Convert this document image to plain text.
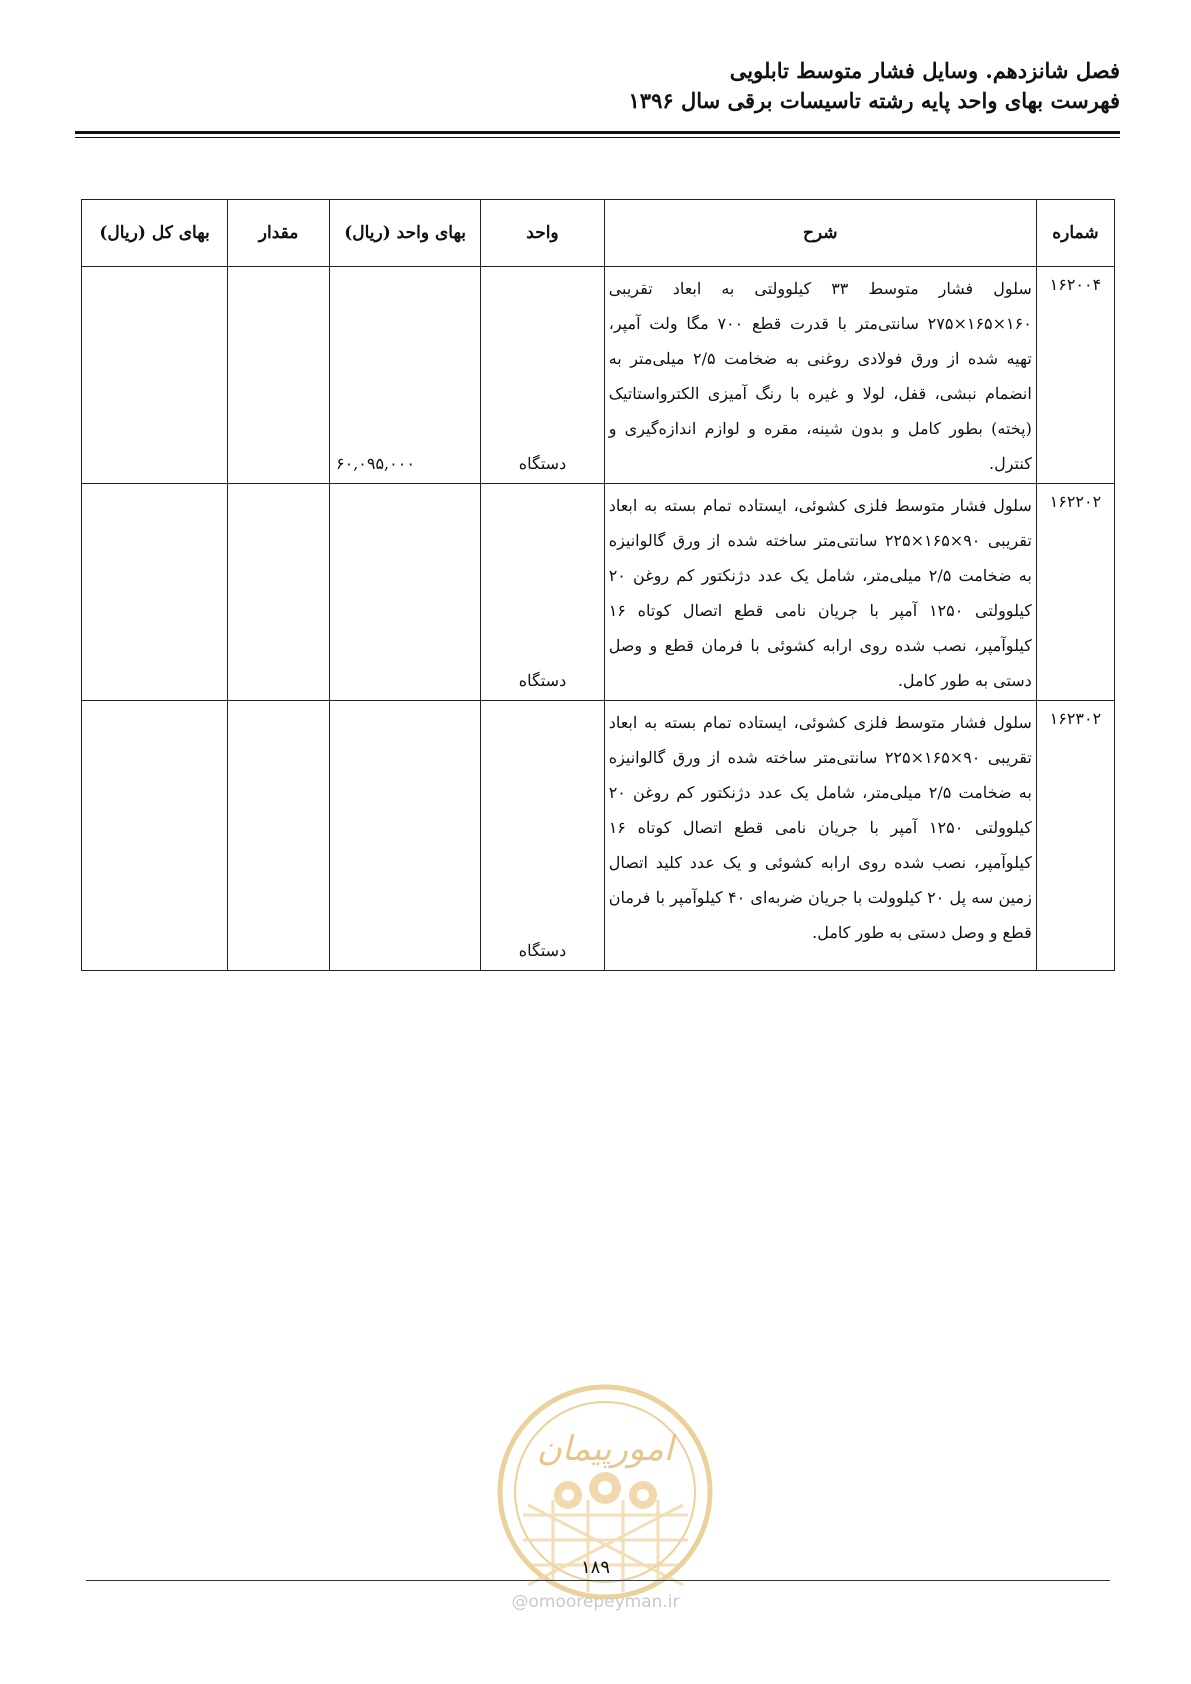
فصل شانزدهم. وسایل فشار متوسط تابلویی
فهرست بهای واحد پایه رشته تاسیسات برقی سال ۱۳۹۶
شماره	شرح	واحد	بهای واحد (ریال)	مقدار	بهای کل (ریال)
۱۶۲۰۰۴	سلول فشار متوسط ۳۳ کیلوولتی به ابعاد تقریبی ۱۶۰×۱۶۵×۲۷۵ سانتی‌متر با قدرت قطع ۷۰۰ مگا ولت آمپر، تهیه شده از ورق فولادی روغنی به ضخامت ۲/۵ میلی‌متر به انضمام نبشی، قفل، لولا و غیره با رنگ آمیزی الکترواستاتیک (پخته) بطور کامل و بدون شینه، مقره و لوازم اندازه‌گیری و کنترل.	دستگاه	۶۰,۰۹۵,۰۰۰		
۱۶۲۲۰۲	سلول فشار متوسط فلزی کشوئی، ایستاده تمام بسته به ابعاد تقریبی ۹۰×۱۶۵×۲۲۵ سانتی‌متر ساخته شده از ورق گالوانیزه به ضخامت ۲/۵ میلی‌متر، شامل یک عدد دژنکتور کم روغن ۲۰ کیلوولتی ۱۲۵۰ آمپر با جریان نامی قطع اتصال کوتاه ۱۶ کیلوآمپر، نصب شده روی ارابه کشوئی با فرمان قطع و وصل دستی به طور کامل.	دستگاه			
۱۶۲۳۰۲	سلول فشار متوسط فلزی کشوئی، ایستاده تمام بسته به ابعاد تقریبی ۹۰×۱۶۵×۲۲۵ سانتی‌متر ساخته شده از ورق گالوانیزه به ضخامت ۲/۵ میلی‌متر، شامل یک عدد دژنکتور کم روغن ۲۰ کیلوولتی ۱۲۵۰ آمپر با جریان نامی قطع اتصال کوتاه ۱۶ کیلوآمپر، نصب شده روی ارابه کشوئی و یک عدد کلید اتصال زمین سه پل ۲۰ کیلوولت با جریان ضربه‌ای ۴۰ کیلوآمپر با فرمان قطع و وصل دستی به طور کامل.	دستگاه			
امورپیمان
۱۸۹
@omoorepeyman.ir
